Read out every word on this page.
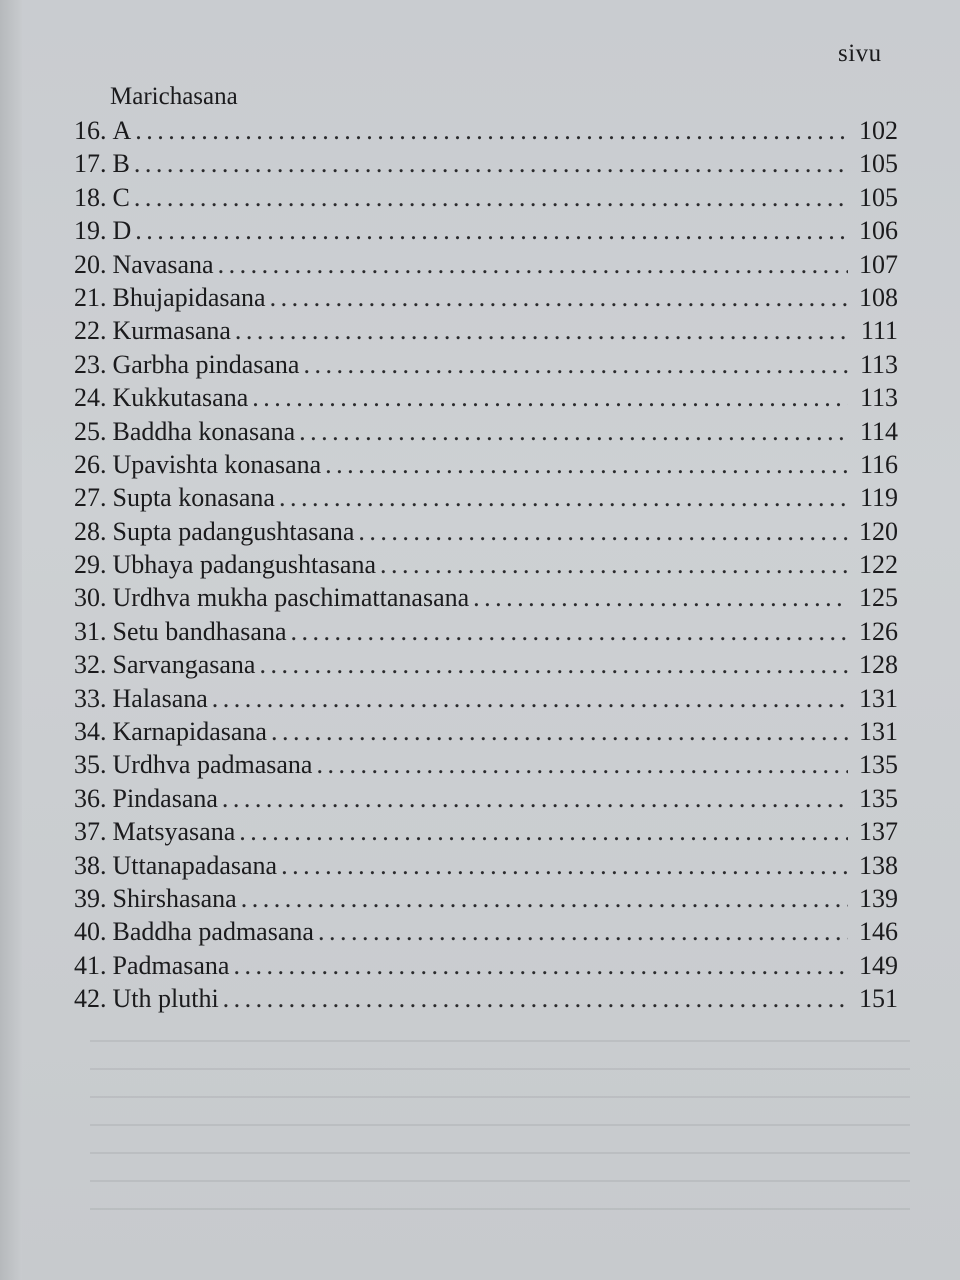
sivu
Marichasana
16. A . . .	102
17. B . . .	105
18. C . . .	105
19. D . . .	106
20. Navasana . . .	107
21. Bhujapidasana . . .	108
22. Kurmasana . . .	111
23. Garbha pindasana . . .	113
24. Kukkutasana . . .	113
25. Baddha konasana . . .	114
26. Upavishta konasana . . .	116
27. Supta konasana . . .	119
28. Supta padangushtasana . . .	120
29. Ubhaya padangushtasana . . .	122
30. Urdhva mukha paschimattanasana . . .	125
31. Setu bandhasana . . .	126
32. Sarvangasana . . .	128
33. Halasana . . .	131
34. Karnapidasana . . .	131
35. Urdhva padmasana . . .	135
36. Pindasana . . .	135
37. Matsyasana . . .	137
38. Uttanapadasana . . .	138
39. Shirshasana . . .	139
40. Baddha padmasana . . .	146
41. Padmasana . . .	149
42. Uth pluthi . . .	151
